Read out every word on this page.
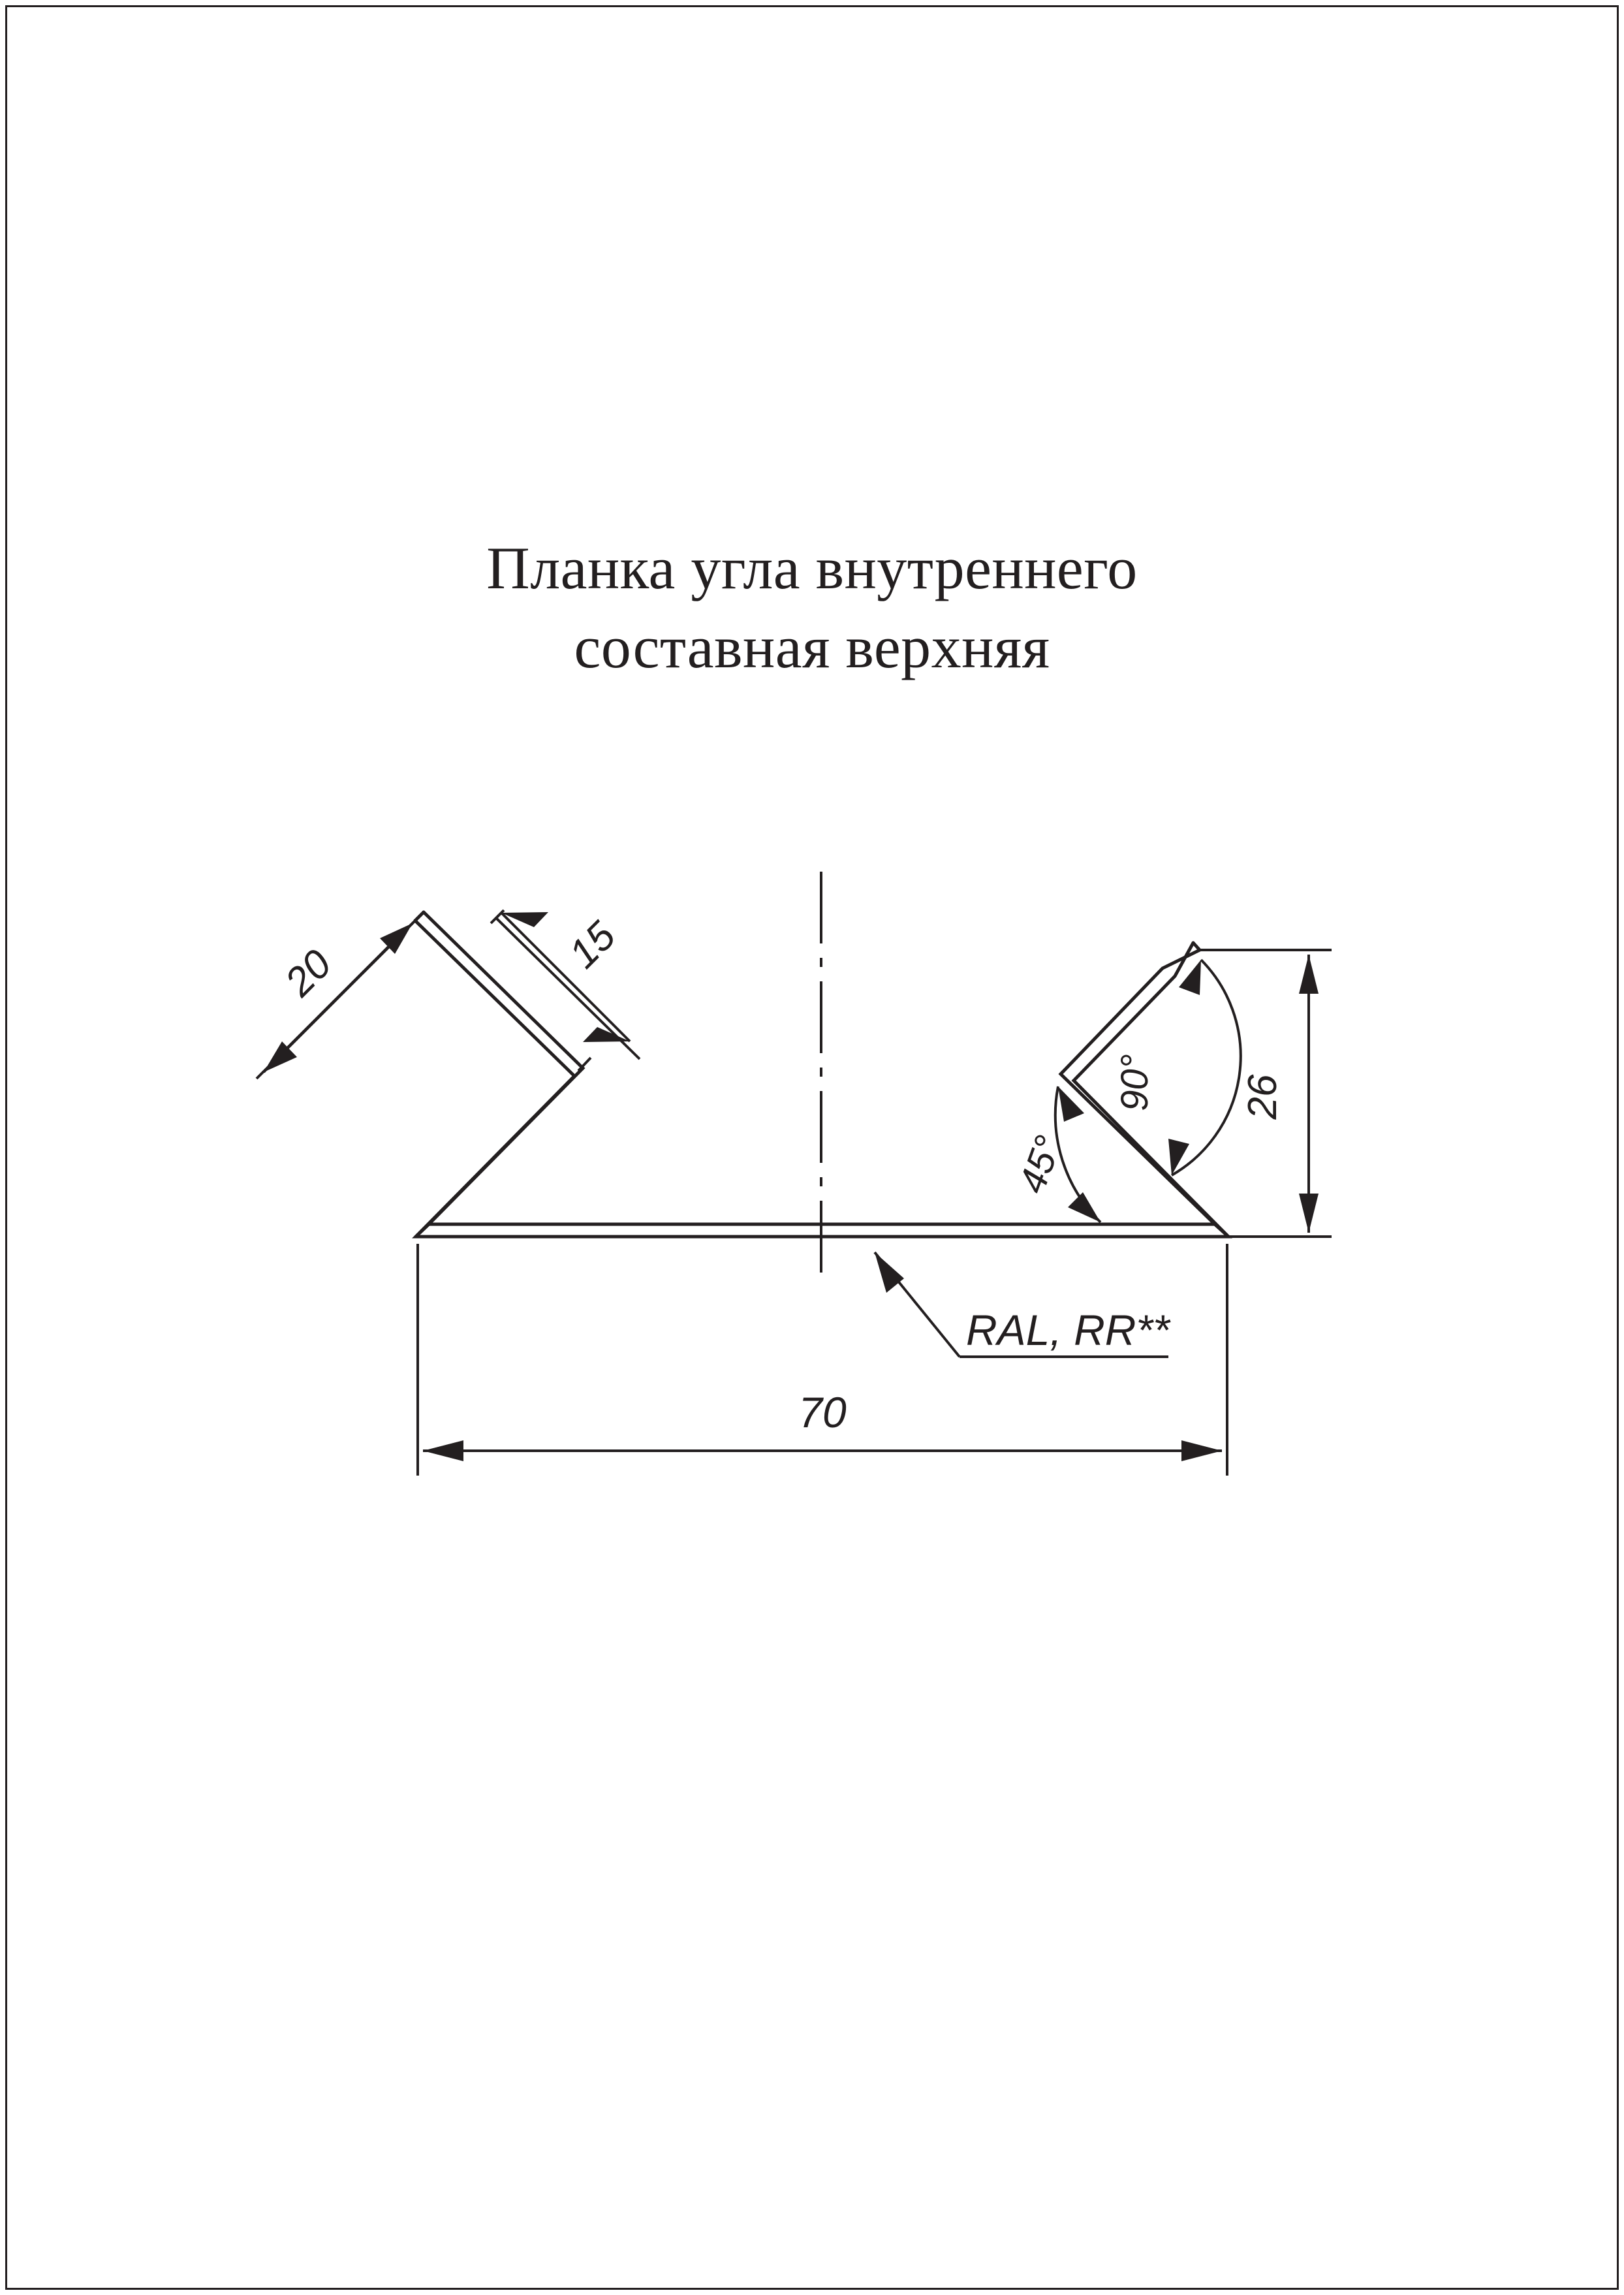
Планка угла внутреннего
составная верхняя
20	15
26
70
90°
45°
RAL, RR**
